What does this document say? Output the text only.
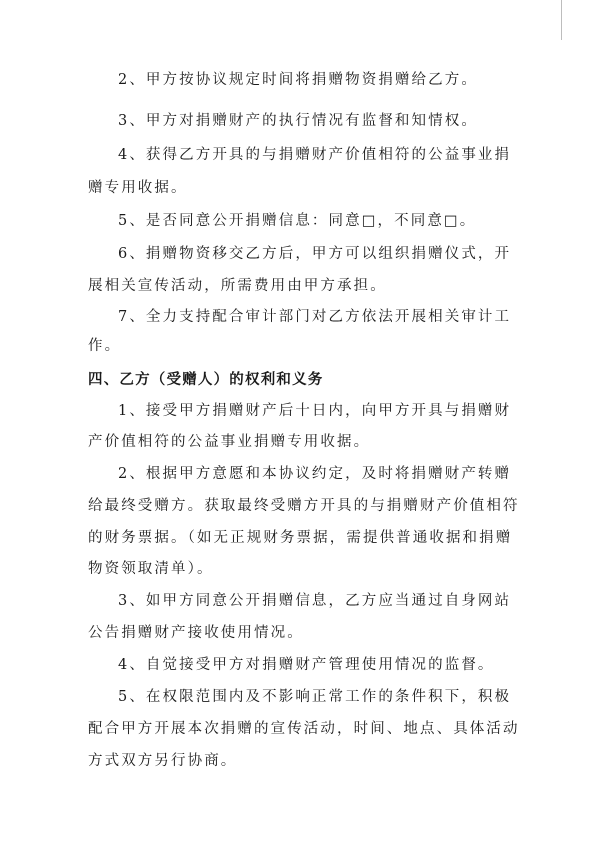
2、甲方按协议规定时间将捐赠物资捐赠给乙方。
3、甲方对捐赠财产的执行情况有监督和知情权。
4、获得乙方开具的与捐赠财产价值相符的公益事业捐
赠专用收据。
5、是否同意公开捐赠信息：同意□，不同意□。
6、捐赠物资移交乙方后，甲方可以组织捐赠仪式，开
展相关宣传活动，所需费用由甲方承担。
7、全力支持配合审计部门对乙方依法开展相关审计工
作。
四、乙方（受赠人）的权利和义务
1、接受甲方捐赠财产后十日内，向甲方开具与捐赠财
产价值相符的公益事业捐赠专用收据。
2、根据甲方意愿和本协议约定，及时将捐赠财产转赠
给最终受赠方。获取最终受赠方开具的与捐赠财产价值相符
的财务票据。（如无正规财务票据，需提供普通收据和捐赠
物资领取清单）。
3、如甲方同意公开捐赠信息，乙方应当通过自身网站
公告捐赠财产接收使用情况。
4、自觉接受甲方对捐赠财产管理使用情况的监督。
5、在权限范围内及不影响正常工作的条件积下，积极
配合甲方开展本次捐赠的宣传活动，时间、地点、具体活动
方式双方另行协商。
